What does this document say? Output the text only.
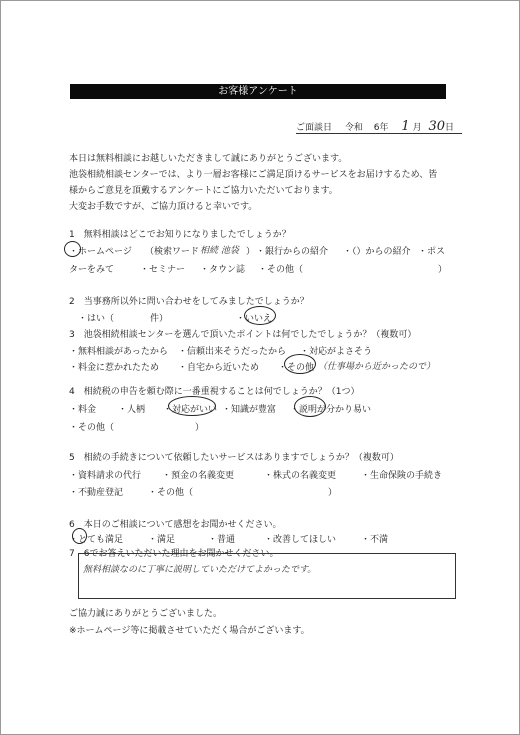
お客様アンケート
ご面談日 令和 6年 1 月 30日
本日は無料相談にお越しいただきまして誠にありがとうございます。
池袋相続相談センターでは、より一層お客様にご満足頂けるサービスをお届けするため、皆
様からご意見を頂戴するアンケートにご協力いただいております。
大変お手数ですが、ご協力頂けると幸いです。
1　無料相談はどこでお知りになりましたでしょうか？
・ホームページ （検索ワード 相続 池袋 ） ・銀行からの紹介 ・（）からの紹介 ・ポス
ターをみて	・セミナー ・タウン誌 ・その他（　　　　　　　　　　　　　　　）
2　当事務所以外に問い合わせをしてみましたでしょうか？
・はい（　　　　件）	・いいえ
3　池袋相続相談センターを選んで頂いたポイントは何でしたでしょうか？（複数可）
・無料相談があったから ・信頼出来そうだったから ・対応がよさそう
・料金に惹かれたため ・自宅から近いため ・その他 （仕事場から近かったので）
4　相続税の申告を頼む際に一番重視することは何でしょうか？（1つ）
・料金 ・人柄 ・対応がいい ・知識が豊富 ・説明が分かり易い
・その他（　　　　　　　　　）
5　相続の手続きについて依頼したいサービスはありますでしょうか？（複数可）
・資料請求の代行 ・預金の名義変更	・株式の名義変更	・生命保険の手続き
・不動産登記	・その他（　　　　　　　　　　　　　　　）
6　本日のご相談について感想をお聞かせください。
・とても満足	・満足	・普通	・改善してほしい	・不満
7　6でお答えいただいた理由をお聞かせください。
無料相談なのに丁寧に説明していただけてよかったです。
ご協力誠にありがとうございました。
※ホームページ等に掲載させていただく場合がございます。
